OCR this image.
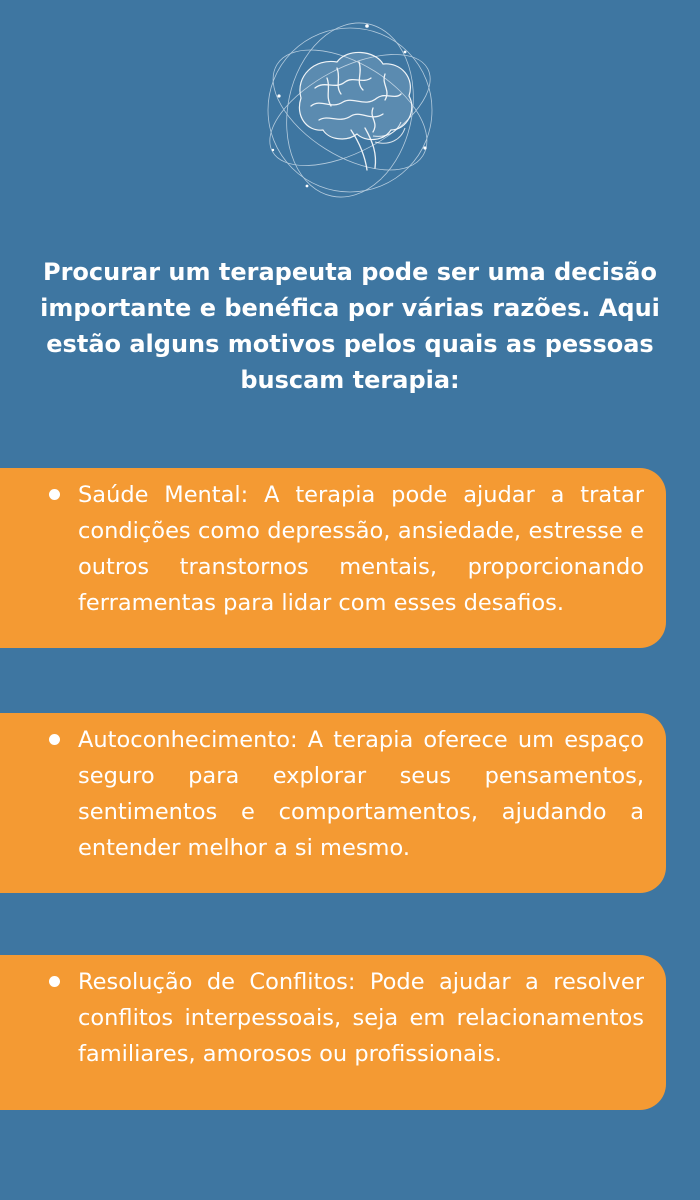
Procurar um terapeuta pode ser uma decisão importante e benéfica por várias razões. Aqui estão alguns motivos pelos quais as pessoas buscam terapia:

Saúde Mental: A terapia pode ajudar a tratar condições como depressão, ansiedade, estresse e outros transtornos mentais, proporcionando ferramentas para lidar com esses desafios.

Autoconhecimento: A terapia oferece um espaço seguro para explorar seus pensamentos, sentimentos e comportamentos, ajudando a entender melhor a si mesmo.

Resolução de Conflitos: Pode ajudar a resolver conflitos interpessoais, seja em relacionamentos familiares, amorosos ou profissionais.
